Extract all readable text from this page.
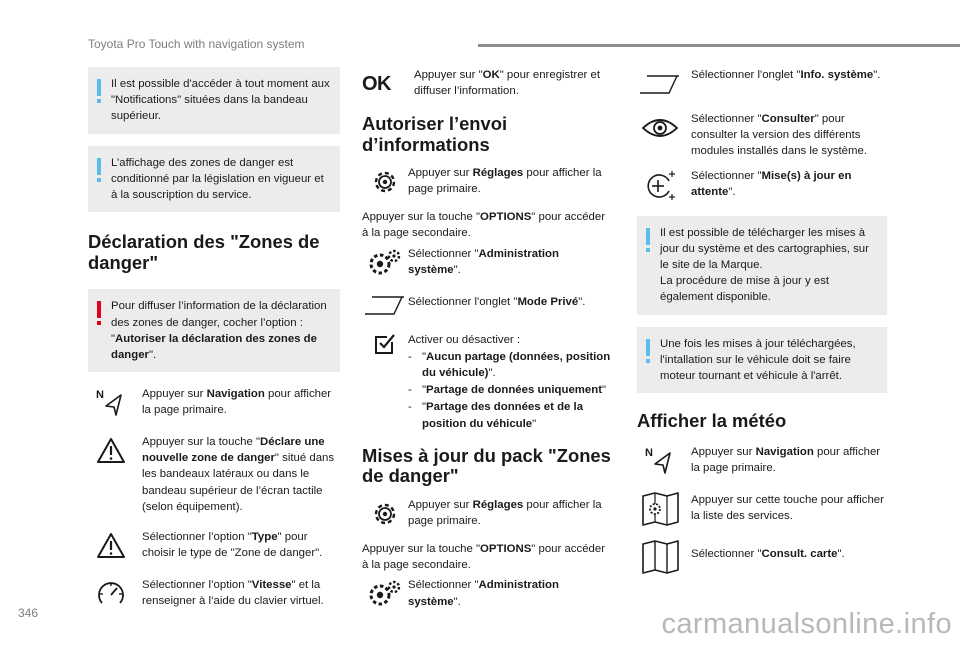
Toyota Pro Touch with navigation system
Il est possible d'accéder à tout moment aux "Notifications" situées dans la bandeau supérieur.
L’affichage des zones de danger est conditionné par la législation en vigueur et à la souscription du service.
Déclaration des "Zones de danger"
Pour diffuser l’information de la déclaration des zones de danger, cocher l’option : "Autoriser la déclaration des zones de danger".
N	Appuyer sur Navigation pour afficher la page primaire.
Appuyer sur la touche "Déclare une nouvelle zone de danger" situé dans les bandeaux latéraux ou dans le bandeau supérieur de l’écran tactile (selon équipement).
Sélectionner l’option "Type" pour choisir le type de "Zone de danger".
Sélectionner l’option "Vitesse" et la renseigner à l’aide du clavier virtuel.
OK	Appuyer sur "OK" pour enregistrer et diffuser l’information.
Autoriser l’envoi d’informations
Appuyer sur Réglages pour afficher la page primaire.

Appuyer sur la touche "OPTIONS" pour accéder à la page secondaire.

Sélectionner "Administration système".
Sélectionner l'onglet "Mode Privé".
Activer ou désactiver :
- "Aucun partage (données, position du véhicule)".
- "Partage de données uniquement"
- "Partage des données et de la position du véhicule"
Mises à jour du pack "Zones de danger"
Appuyer sur Réglages pour afficher la page primaire.

Appuyer sur la touche "OPTIONS" pour accéder à la page secondaire.

Sélectionner "Administration système".
Sélectionner l'onglet "Info. système".
Sélectionner "Consulter" pour consulter la version des différents modules installés dans le système.
Sélectionner "Mise(s) à jour en attente".
Il est possible de télécharger les mises à jour du système et des cartographies, sur le site de la Marque.
La procédure de mise à jour y est également disponible.
Une fois les mises à jour téléchargées, l'intallation sur le véhicule doit se faire moteur tournant et véhicule à l'arrêt.
Afficher la météo
N	Appuyer sur Navigation pour afficher la page primaire.
Appuyer sur cette touche pour afficher la liste des services.
Sélectionner "Consult. carte".
346	carmanualsonline.info
